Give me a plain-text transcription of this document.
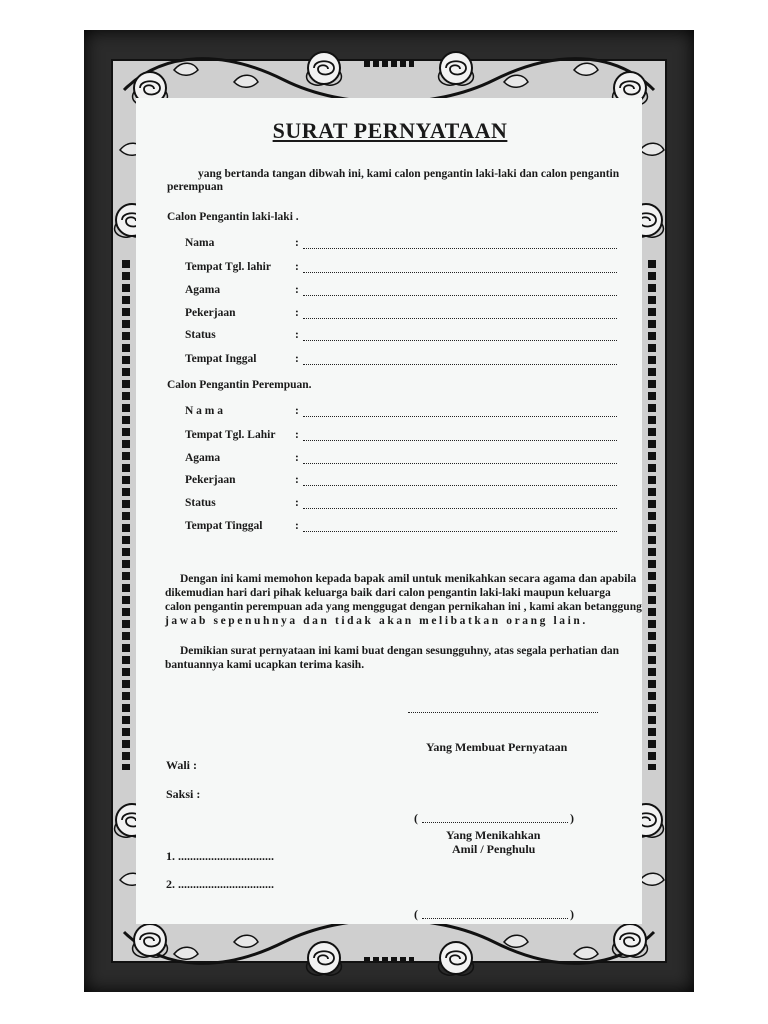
SURAT PERNYATAAN
yang bertanda tangan dibwah ini, kami calon pengantin laki-laki dan calon pengantin
perempuan
Calon Pengantin laki-laki .
Nama	:
Tempat Tgl. lahir :
Agama	:
Pekerjaan	:
Status	:
Tempat Inggal	:
Calon Pengantin Perempuan.
N a m a	:
Tempat Tgl. Lahir :
Agama	:
Pekerjaan	:
Status	:
Tempat Tinggal	:
Dengan ini kami memohon kepada bapak amil untuk menikahkan secara agama dan apabila
dikemudian hari dari pihak keluarga baik dari calon pengantin laki-laki maupun keluarga
calon pengantin perempuan ada yang menggugat dengan pernikahan ini , kami akan betanggung
jawab sepenuhnya dan tidak akan melibatkan orang lain.
Demikian surat pernyataan ini kami buat dengan sesungguhny, atas segala perhatian dan
bantuannya kami ucapkan terima kasih.
Yang Membuat Pernyataan
Wali :
Saksi :
(	)
Yang Menikahkan
Amil / Penghulu
1. ................................
2. ................................
(	)
